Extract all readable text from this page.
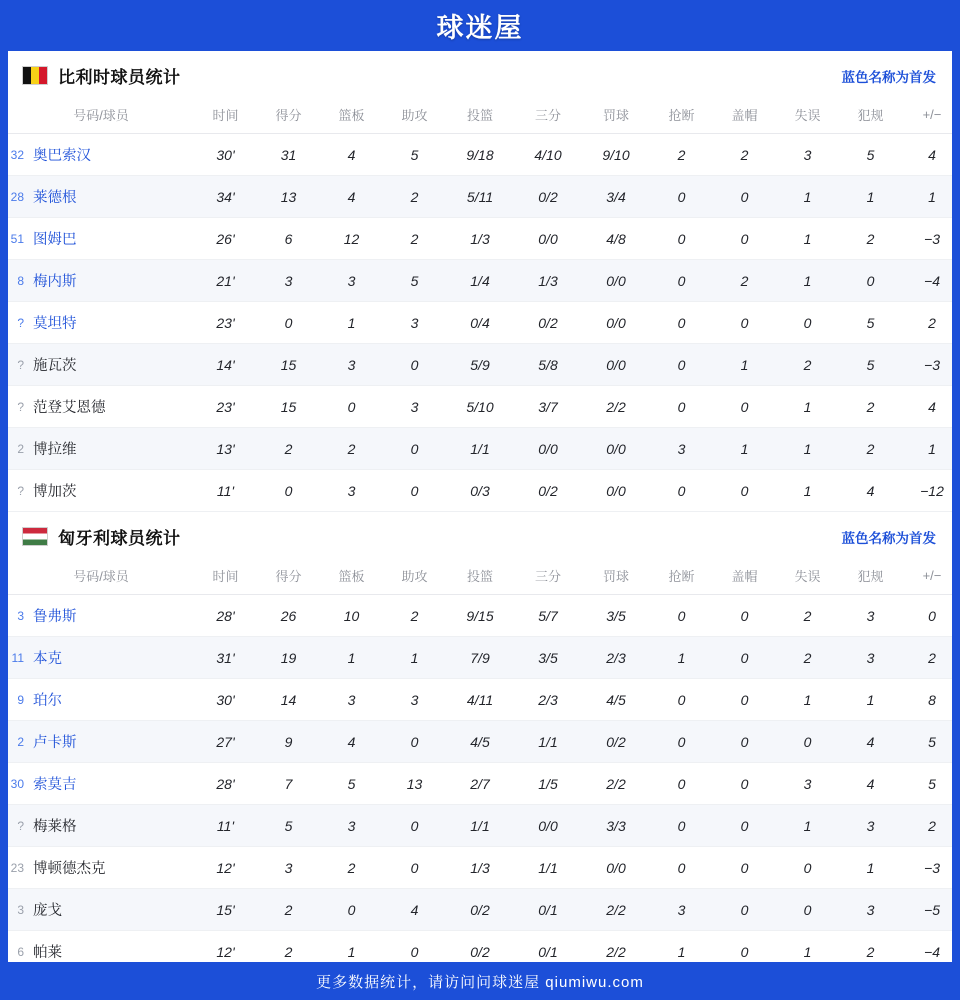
球迷屋
比利时球员统计	蓝色名称为首发
号码/球员	时间	得分	篮板	助攻	投篮	三分	罚球	抢断	盖帽	失误	犯规	+/−

32 奥巴索汉	30'	31	4	5	9/18	4/10	9/10	2	2	3	5	4

28 莱德根	34'	13	4	2	5/11	0/2	3/4	0	0	1	1	1

51 图姆巴	26'	6	12	2	1/3	0/0	4/8	0	0	1	2	−3

8 梅内斯	21'	3	3	5	1/4	1/3	0/0	0	2	1	0	−4

? 莫坦特	23'	0	1	3	0/4	0/2	0/0	0	0	0	5	2

? 施瓦茨	14'	15	3	0	5/9	5/8	0/0	0	1	2	5	−3

? 范登艾恩德	23'	15	0	3	5/10	3/7	2/2	0	0	1	2	4

2 博拉维	13'	2	2	0	1/1	0/0	0/0	3	1	1	2	1

? 博加茨	11'	0	3	0	0/3	0/2	0/0	0	0	1	4	−12
匈牙利球员统计	蓝色名称为首发
号码/球员	时间	得分	篮板	助攻	投篮	三分	罚球	抢断	盖帽	失误	犯规	+/−

3 鲁弗斯	28'	26	10	2	9/15	5/7	3/5	0	0	2	3	0

11 本克	31'	19	1	1	7/9	3/5	2/3	1	0	2	3	2

9 珀尔	30'	14	3	3	4/11	2/3	4/5	0	0	1	1	8

2 卢卡斯	27'	9	4	0	4/5	1/1	0/2	0	0	0	4	5

30 索莫吉	28'	7	5	13	2/7	1/5	2/2	0	0	3	4	5

? 梅莱格	11'	5	3	0	1/1	0/0	3/3	0	0	1	3	2

23 博顿德杰克	12'	3	2	0	1/3	1/1	0/0	0	0	0	1	−3

3 庞戈	15'	2	0	4	0/2	0/1	2/2	3	0	0	3	−5

6 帕莱	12'	2	1	0	0/2	0/1	2/2	1	0	1	2	−4
更多数据统计，请访问问球迷屋 qiumiwu.com
